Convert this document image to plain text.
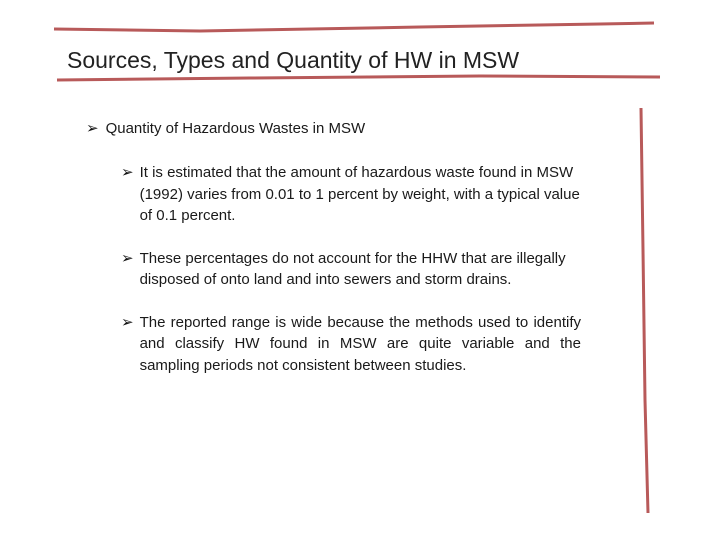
Sources, Types and Quantity of HW in MSW
➢ Quantity of Hazardous Wastes in MSW
➢ It is estimated that the amount of hazardous waste found in MSW (1992) varies from 0.01 to 1 percent by weight, with a typical value of 0.1 percent.
➢ These percentages do not account for the HHW that are illegally disposed of onto land and into sewers and storm drains.
➢ The reported range is wide because the methods used to identify and classify HW found in MSW are quite variable and the sampling periods not consistent between studies.
